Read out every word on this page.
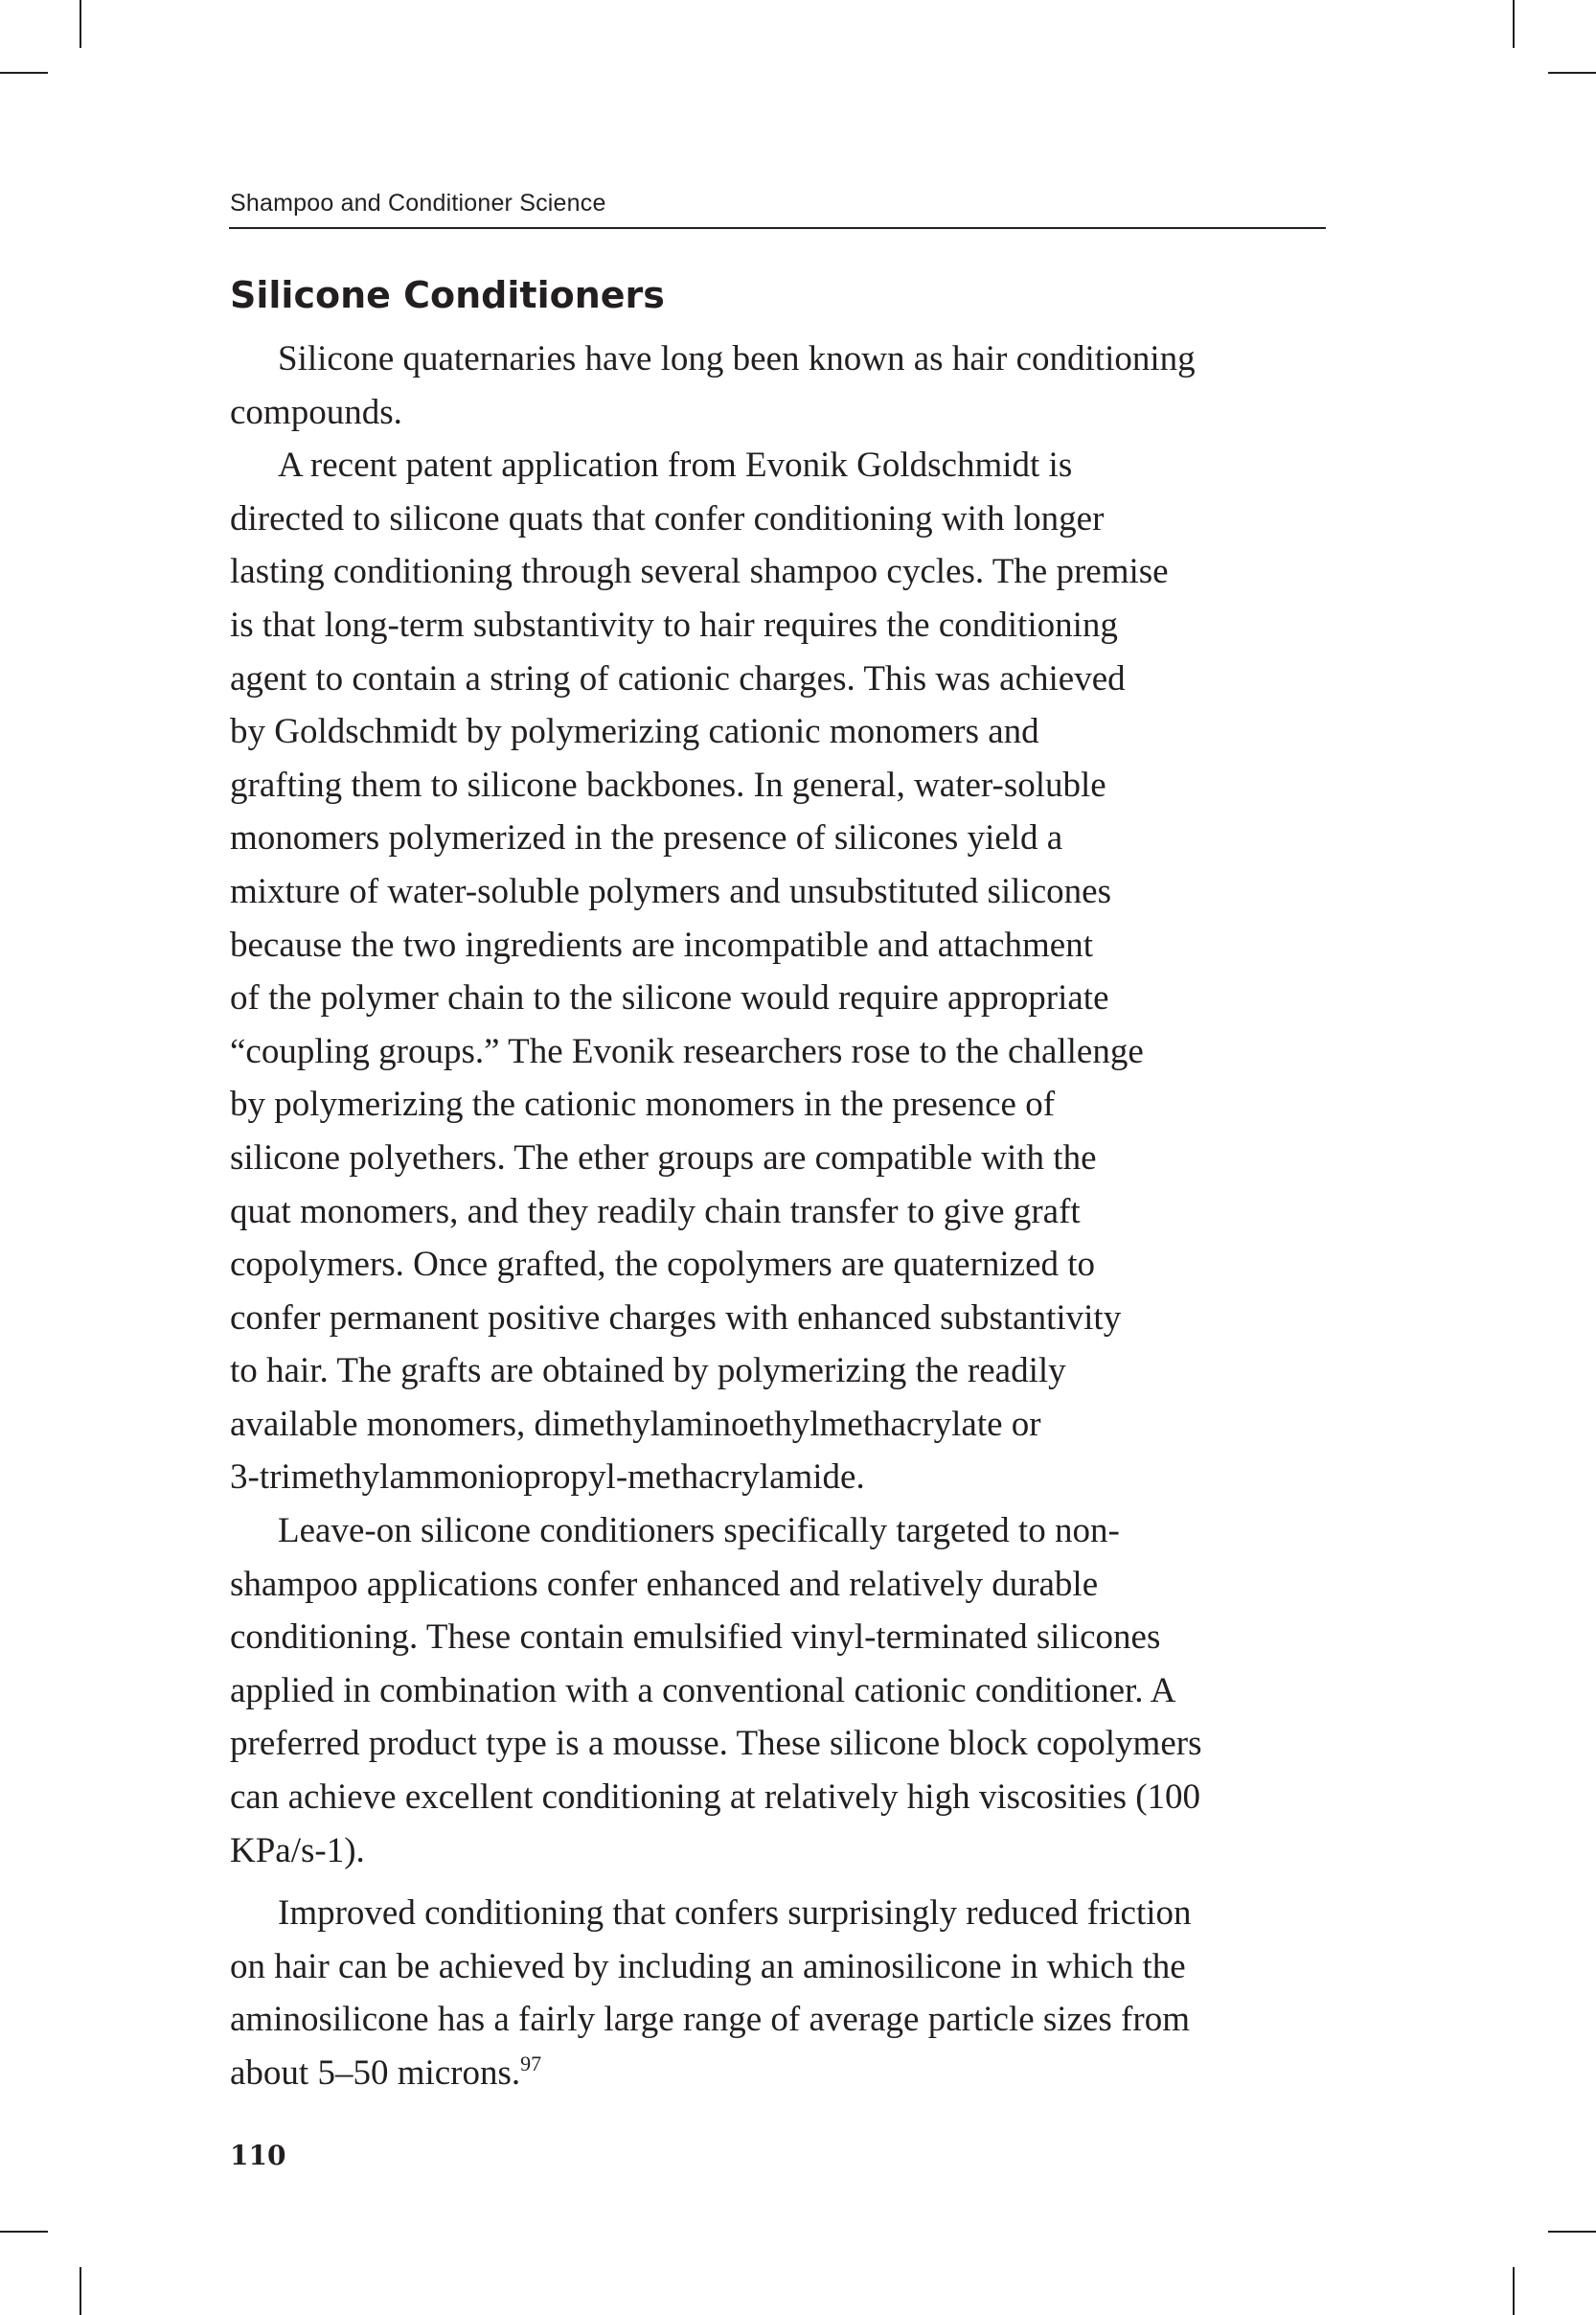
Shampoo and Conditioner Science
Silicone Conditioners

Silicone quaternaries have long been known as hair conditioning
compounds.

A recent patent application from Evonik Goldschmidt is
directed to silicone quats that confer conditioning with longer
lasting conditioning through several shampoo cycles. The premise
is that long-term substantivity to hair requires the conditioning
agent to contain a string of cationic charges. This was achieved
by Goldschmidt by polymerizing cationic monomers and
grafting them to silicone backbones. In general, water-soluble
monomers polymerized in the presence of silicones yield a
mixture of water-soluble polymers and unsubstituted silicones
because the two ingredients are incompatible and attachment
of the polymer chain to the silicone would require appropriate
“coupling groups.” The Evonik researchers rose to the challenge
by polymerizing the cationic monomers in the presence of
silicone polyethers. The ether groups are compatible with the
quat monomers, and they readily chain transfer to give graft
copolymers. Once grafted, the copolymers are quaternized to
confer permanent positive charges with enhanced substantivity
to hair. The grafts are obtained by polymerizing the readily
available monomers, dimethylaminoethylmethacrylate or
3-trimethylammoniopropyl-methacrylamide.

Leave-on silicone conditioners specifically targeted to non-
shampoo applications confer enhanced and relatively durable
conditioning. These contain emulsified vinyl-terminated silicones
applied in combination with a conventional cationic conditioner. A
preferred product type is a mousse. These silicone block copolymers
can achieve excellent conditioning at relatively high viscosities (100
KPa/s-1).

Improved conditioning that confers surprisingly reduced friction
on hair can be achieved by including an aminosilicone in which the
aminosilicone has a fairly large range of average particle sizes from
about 5–50 microns.$^{97}$

110
